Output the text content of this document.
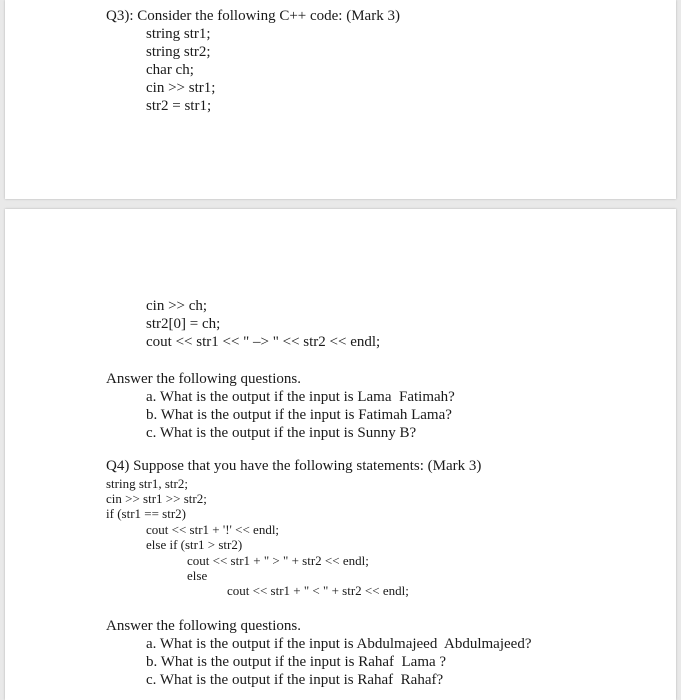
Q3): Consider the following C++ code: (Mark 3)
string str1;
string str2;
char ch;
cin >> str1;
str2 = str1;
cin >> ch;
str2[0] = ch;
cout << str1 << " –> " << str2 << endl;
Answer the following questions.
a. What is the output if the input is Lama  Fatimah?
b. What is the output if the input is Fatimah Lama?
c. What is the output if the input is Sunny B?
Q4) Suppose that you have the following statements: (Mark 3)
string str1, str2;
cin >> str1 >> str2;
if (str1 == str2)
cout << str1 + '!' << endl;
else if (str1 > str2)
cout << str1 + " > " + str2 << endl;
else
cout << str1 + " < " + str2 << endl;
Answer the following questions.
a. What is the output if the input is Abdulmajeed  Abdulmajeed?
b. What is the output if the input is Rahaf  Lama ?
c. What is the output if the input is Rahaf  Rahaf?
